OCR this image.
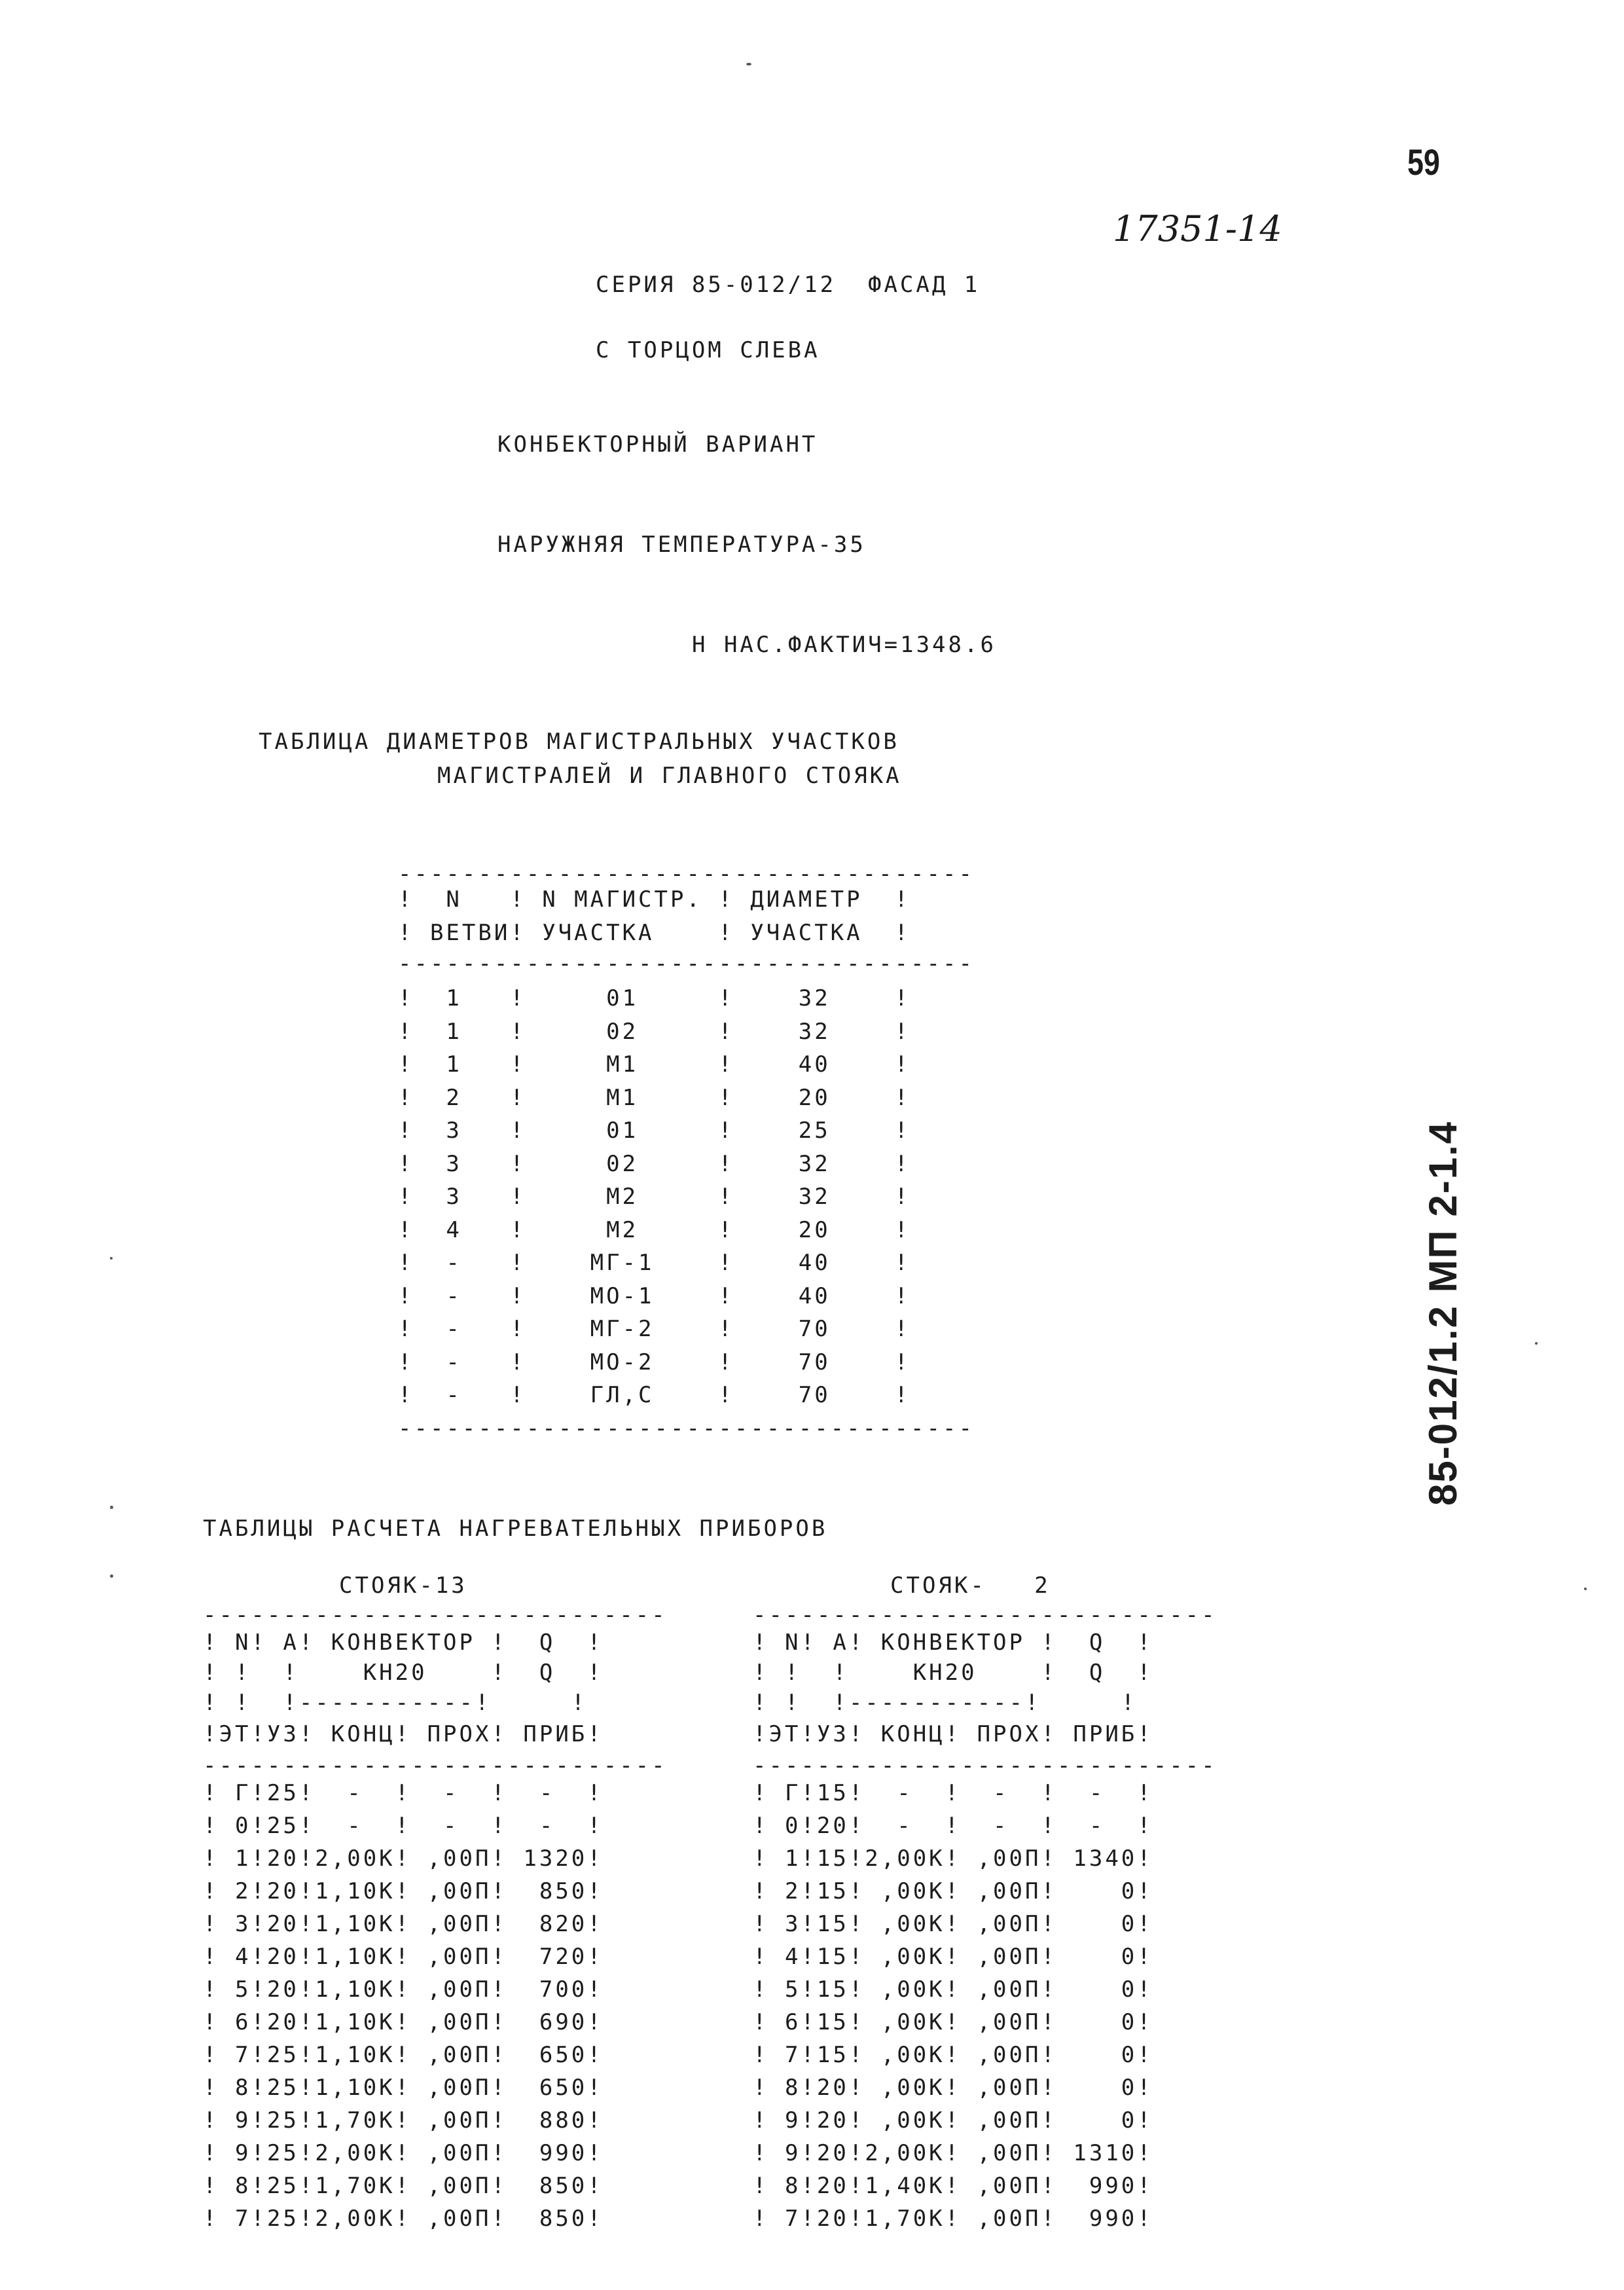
59
17351-14
85-012/1.2 МП 2-1.4
СЕРИЯ 85-012/12  ФАСАД 1
С ТОРЦОМ СЛЕВА
КОНБЕКТОРНЫЙ ВАРИАНТ
НАРУЖНЯЯ ТЕМПЕРАТУРА-35
Н НАС.ФАКТИЧ=1348.6
ТАБЛИЦА ДИАМЕТРОВ МАГИСТРАЛЬНЫХ УЧАСТКОВ
МАГИСТРАЛЕЙ И ГЛАВНОГО СТОЯКА
------------------------------------
!  N   ! N МАГИСТР. ! ДИАМЕТР  !
! ВЕТВИ! УЧАСТКА    ! УЧАСТКА  !
------------------------------------
!  1   !     01     !    32    !
!  1   !     02     !    32    !
!  1   !     М1     !    40    !
!  2   !     М1     !    20    !
!  3   !     01     !    25    !
!  3   !     02     !    32    !
!  3   !     М2     !    32    !
!  4   !     М2     !    20    !
!  -   !    МГ-1    !    40    !
!  -   !    МО-1    !    40    !
!  -   !    МГ-2    !    70    !
!  -   !    МО-2    !    70    !
!  -   !    ГЛ,С    !    70    !
------------------------------------
ТАБЛИЦЫ РАСЧЕТА НАГРЕВАТЕЛЬНЫХ ПРИБОРОВ
СТОЯК-13	СТОЯК-   2
-----------------------------
! N! А! КОНВЕКТОР !  Q  !
! !  !    КН20    !  Q  !
! !  !-----------!     !
!ЭТ!УЗ! КОНЦ! ПРОХ! ПРИБ!
-----------------------------
-----------------------------
! N! А! КОНВЕКТОР !  Q  !
! !  !    КН20    !  Q  !
! !  !-----------!     !
!ЭТ!УЗ! КОНЦ! ПРОХ! ПРИБ!
-----------------------------
! Г!25!  -  !  -  !  -  !
! 0!25!  -  !  -  !  -  !
! 1!20!2,00К! ,00П! 1320!
! 2!20!1,10К! ,00П!  850!
! 3!20!1,10К! ,00П!  820!
! 4!20!1,10К! ,00П!  720!
! 5!20!1,10К! ,00П!  700!
! 6!20!1,10К! ,00П!  690!
! 7!25!1,10К! ,00П!  650!
! 8!25!1,10К! ,00П!  650!
! 9!25!1,70К! ,00П!  880!
! 9!25!2,00К! ,00П!  990!
! 8!25!1,70К! ,00П!  850!
! 7!25!2,00К! ,00П!  850!
! Г!15!  -  !  -  !  -  !
! 0!20!  -  !  -  !  -  !
! 1!15!2,00К! ,00П! 1340!
! 2!15! ,00К! ,00П!    0!
! 3!15! ,00К! ,00П!    0!
! 4!15! ,00К! ,00П!    0!
! 5!15! ,00К! ,00П!    0!
! 6!15! ,00К! ,00П!    0!
! 7!15! ,00К! ,00П!    0!
! 8!20! ,00К! ,00П!    0!
! 9!20! ,00К! ,00П!    0!
! 9!20!2,00К! ,00П! 1310!
! 8!20!1,40К! ,00П!  990!
! 7!20!1,70К! ,00П!  990!
